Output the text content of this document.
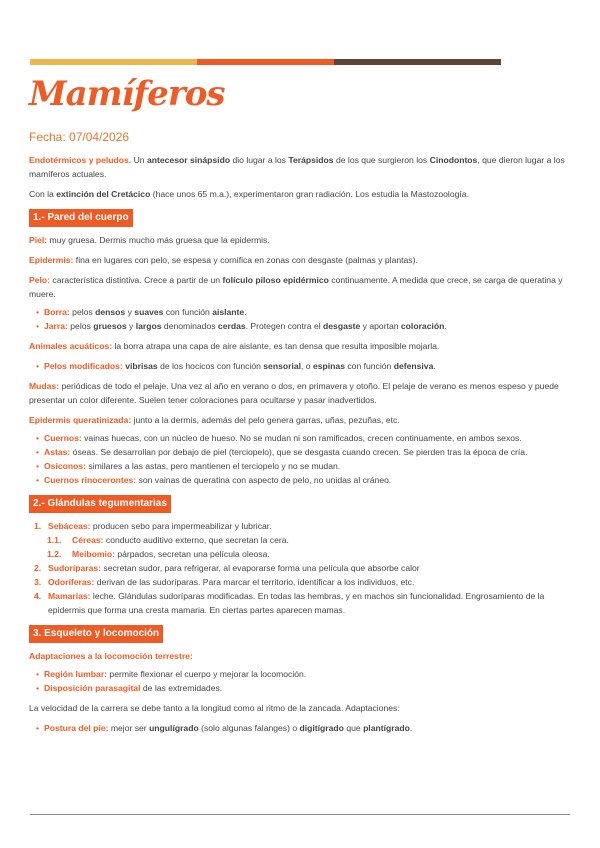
Mamíferos
Fecha: 07/04/2026

Endotérmicos y peludos. Un antecesor sinápsido dio lugar a los Terápsidos de los que surgieron los Cinodontos, que dieron lugar a los mamíferos actuales.

Con la extinción del Cretácico (hace unos 65 m.a.), experimentaron gran radiación. Los estudia la Mastozoología.

1.- Pared del cuerpo

Piel: muy gruesa. Dermis mucho más gruesa que la epidermis.

Epidermis: fina en lugares con pelo, se espesa y cornifica en zonas con desgaste (palmas y plantas).

Pelo: característica distintiva. Crece a partir de un folículo piloso epidérmico continuamente. A medida que crece, se carga de queratina y muere.

• Borra: pelos densos y suaves con función aislante.
• Jarra: pelos gruesos y largos denominados cerdas. Protegen contra el desgaste y aportan coloración.

Animales acuáticos: la borra atrapa una capa de aire aislante, es tan densa que resulta imposible mojarla.

• Pelos modificados: vibrisas de los hocicos con función sensorial, o espinas con función defensiva.

Mudas: periódicas de todo el pelaje. Una vez al año en verano o dos, en primavera y otoño. El pelaje de verano es menos espeso y puede presentar un color diferente. Suelen tener coloraciones para ocultarse y pasar inadvertidos.

Epidermis queratinizada: junto a la dermis, además del pelo genera garras, uñas, pezuñas, etc.

• Cuernos: vainas huecas, con un núcleo de hueso. No se mudan ni son ramificados, crecen continuamente, en ambos sexos.
• Astas: óseas. Se desarrollan por debajo de piel (terciopelo), que se desgasta cuando crecen. Se pierden tras la época de cría.
• Osiconos: similares a las astas, pero mantienen el terciopelo y no se mudan.
• Cuernos rinocerontes: son vainas de queratina con aspecto de pelo, no unidas al cráneo.
2.- Glándulas tegumentarias
1. Sebáceas: producen sebo para impermeabilizar y lubricar.
1.1. Céreas: conducto auditivo externo, que secretan la cera.
1.2. Meibomio: párpados, secretan una película oleosa.
2. Sudoríparas: secretan sudor, para refrigerar, al evaporarse forma una película que absorbe calor
3. Odoríferas: derivan de las sudoríparas. Para marcar el territorio, identificar a los individuos, etc.
4. Mamarias: leche. Glándulas sudoríparas modificadas. En todas las hembras, y en machos sin funcionalidad. Engrosamiento de la epidermis que forma una cresta mamaria. En ciertas partes aparecen mamas.
3. Esqueleto y locomoción

Adaptaciones a la locomoción terrestre:

• Región lumbar: permite flexionar el cuerpo y mejorar la locomoción.
• Disposición parasagital de las extremidades.

La velocidad de la carrera se debe tanto a la longitud como al ritmo de la zancada. Adaptaciones:

• Postura del pie: mejor ser ungulígrado (solo algunas falanges) o digitígrado que plantígrado.
